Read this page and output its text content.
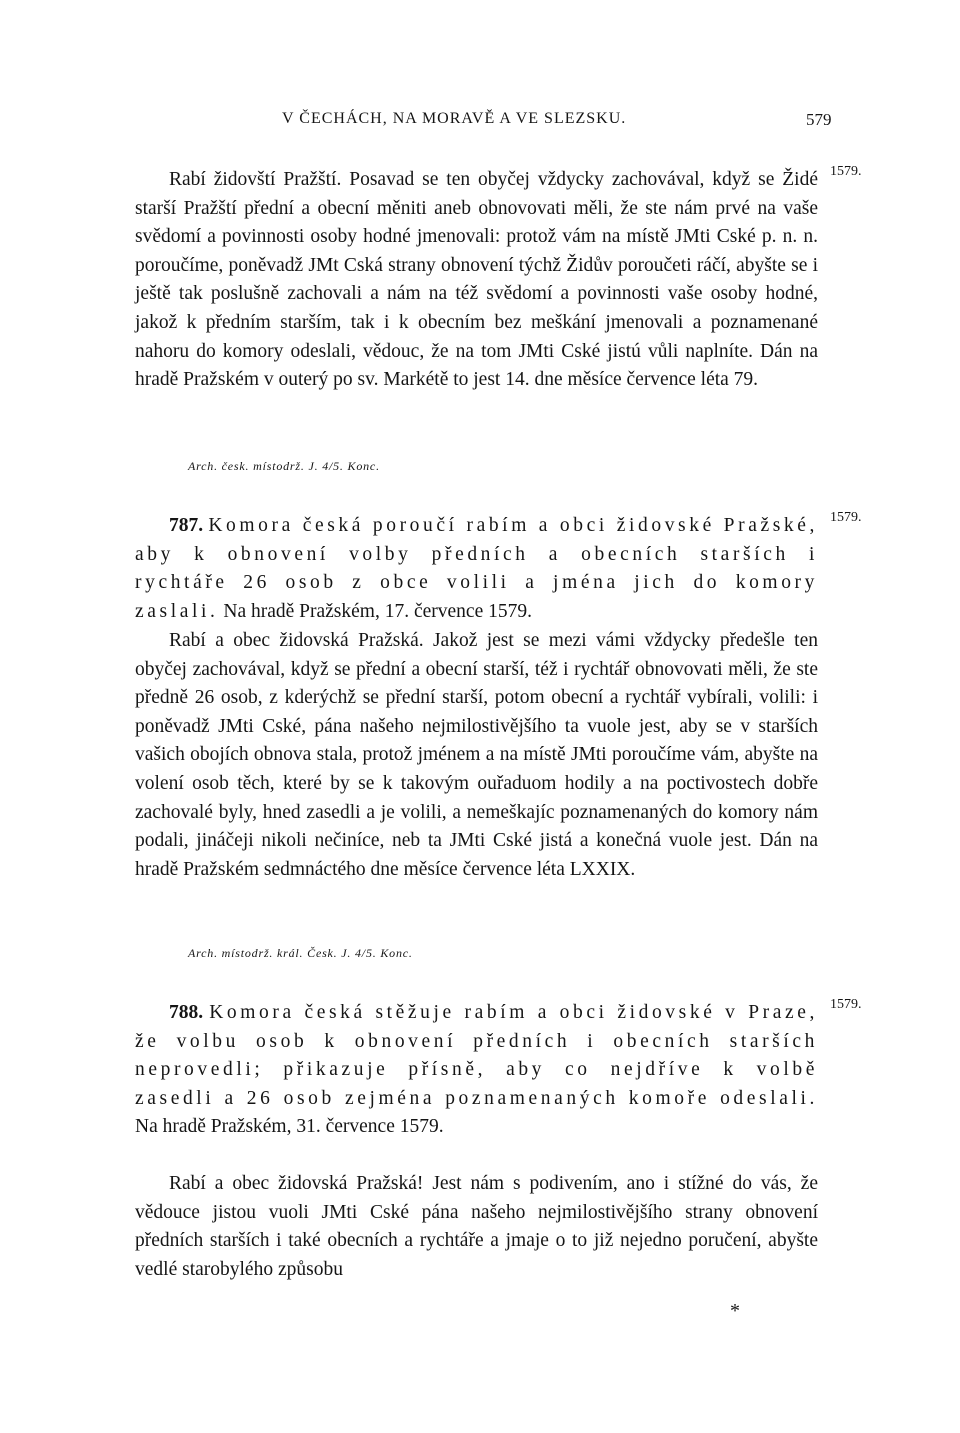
V ČECHÁCH, NA MORAVĚ A VE SLEZSKU.	579
1579.

Rabí židovští Pražští. Posavad se ten obyčej vždycky zachovával, když se Židé starší Pražští přední a obecní měniti aneb obnovovati měli, že ste nám prvé na vaše svědomí a povinnosti osoby hodné jmenovali: protož vám na místě JMti Cské p. n. n. poroučíme, poněvadž JMt Cská strany obnovení týchž Židův poroučeti ráčí, abyšte se i ještě tak poslušně zachovali a nám na též svědomí a povinnosti vaše osoby hodné, jakož k předním starším, tak i k obecním bez meškání jmenovali a poznamenané nahoru do komory odeslali, vědouc, že na tom JMti Cské jistú vůli naplníte. Dán na hradě Pražském v outerý po sv. Markétě to jest 14. dne měsíce července léta 79.

Arch. česk. místodrž. J. 4/5. Konc.
1579.

787. Komora česká poroučí rabím a obci židovské Pražské, aby k obnovení volby předních a obecních starších i rychtáře 26 osob z obce volili a jména jich do komory zaslali. Na hradě Pražském, 17. července 1579.

Rabí a obec židovská Pražská. Jakož jest se mezi vámi vždycky předešle ten obyčej zachovával, když se přední a obecní starší, též i rychtář obnovovati měli, že ste předně 26 osob, z kderýchž se přední starší, potom obecní a rychtář vybírali, volili: i poněvadž JMti Cské, pána našeho nejmilostivějšího ta vuole jest, aby se v starších vašich obojích obnova stala, protož jménem a na místě JMti poroučíme vám, abyšte na volení osob těch, které by se k takovým ouřaduom hodily a na poctivostech dobře zachovalé byly, hned zasedli a je volili, a nemeškajíc poznamenaných do komory nám podali, jináčeji nikoli nečiníce, neb ta JMti Cské jistá a konečná vuole jest. Dán na hradě Pražském sedmnáctého dne měsíce července léta LXXIX.

Arch. místodrž. král. Česk. J. 4/5. Konc.
1579.

788. Komora česká stěžuje rabím a obci židovské v Praze, že volbu osob k obnovení předních i obecních starších neprovedli; přikazuje přísně, aby co nejdříve k volbě zasedli a 26 osob zejména poznamenaných komoře odeslali. Na hradě Pražském, 31. července 1579.

Rabí a obec židovská Pražská! Jest nám s podivením, ano i stížné do vás, že vědouce jistou vuoli JMti Cské pána našeho nejmilostivějšího strany obnovení předních starších i také obecních a rychtáře a jmaje o to již nejedno poručení, abyšte vedlé starobylého způsobu

*
